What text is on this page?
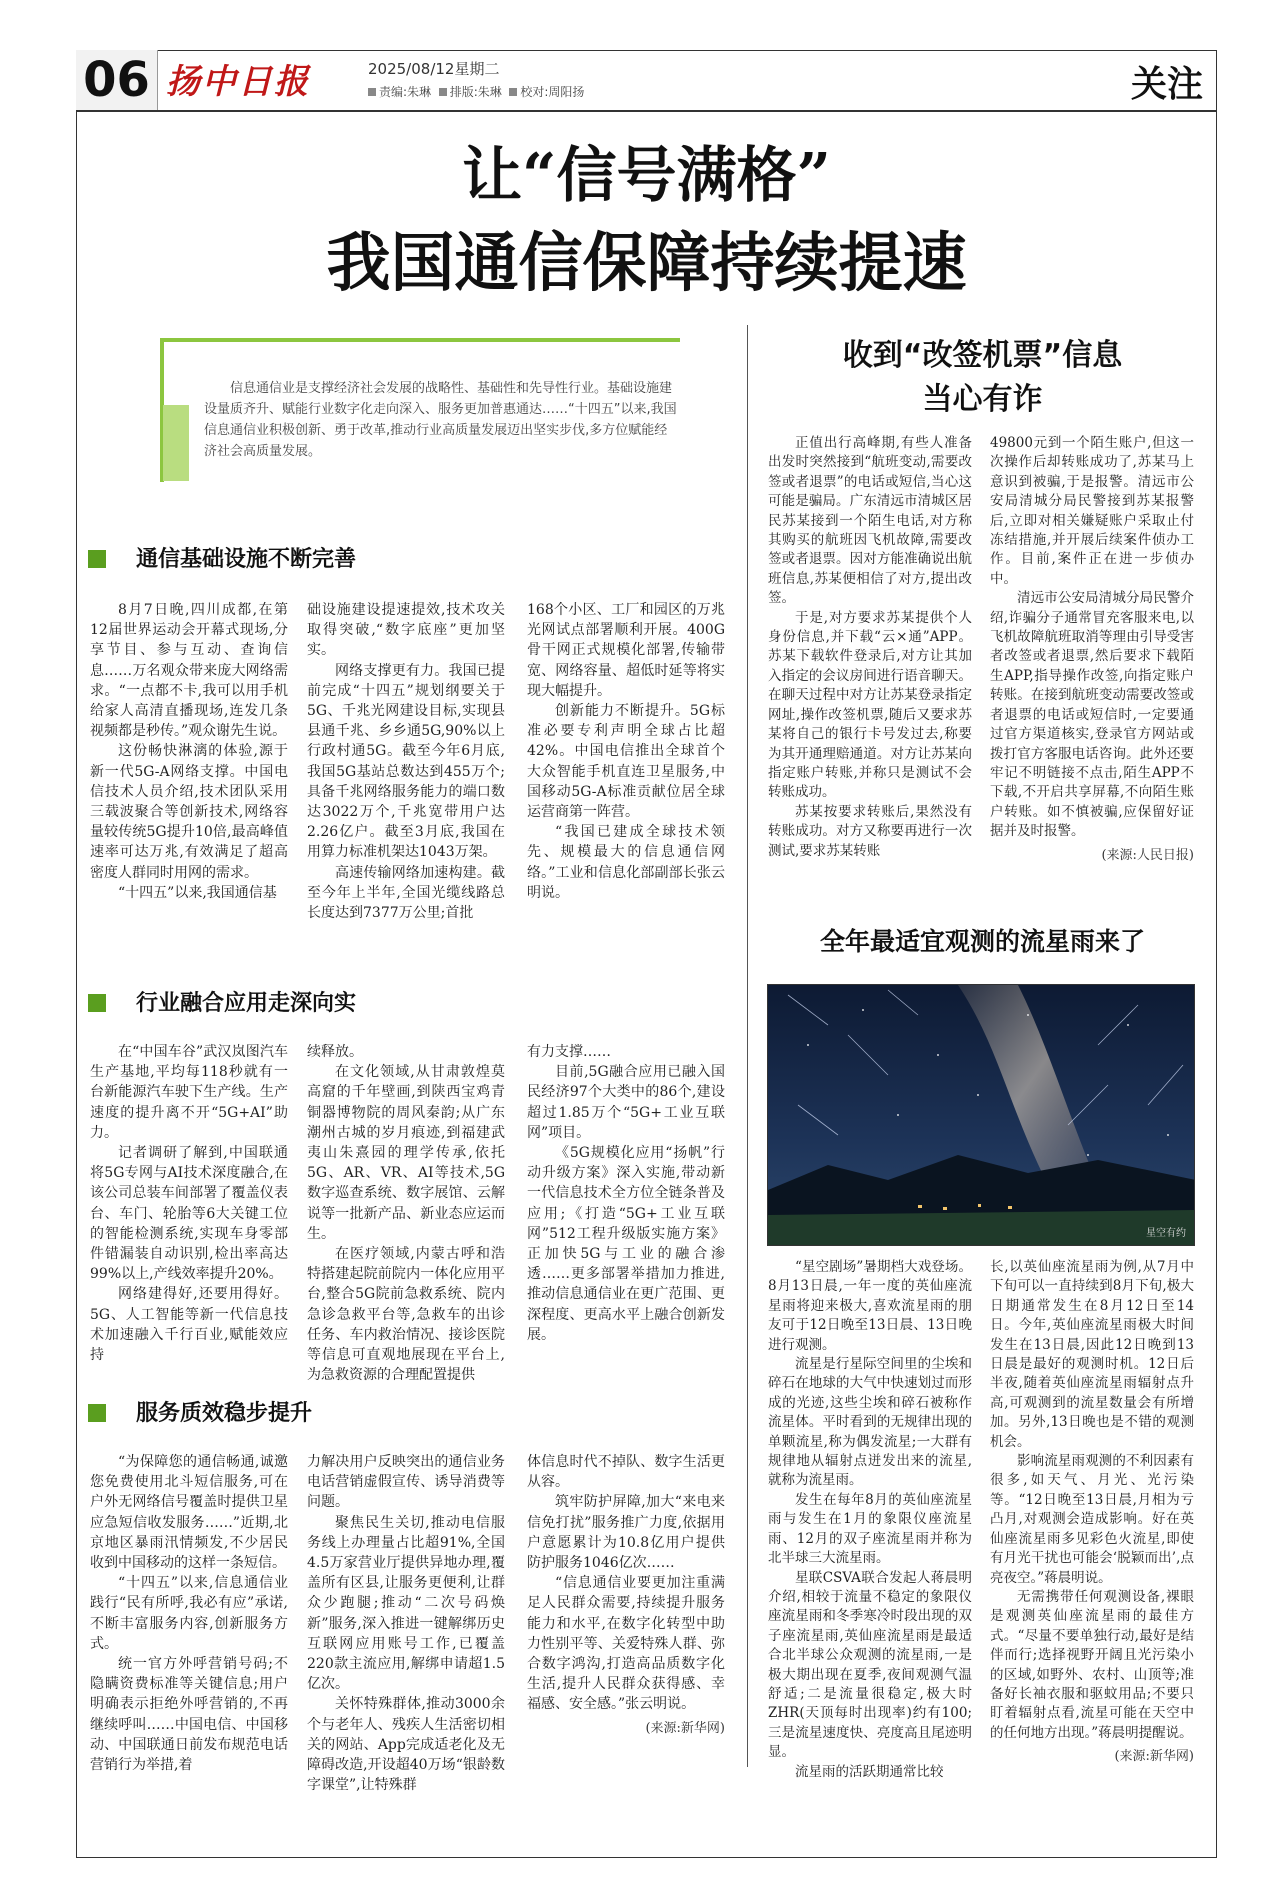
06 扬中日报	2025/08/12星期二
责编:朱琳 排版:朱琳 校对:周阳扬	关注
让“信号满格”
我国通信保障持续提速

信息通信业是支撑经济社会发展的战略性、基础性和先导性行业。基础设施建设量质齐升、赋能行业数字化走向深入、服务更加普惠通达……“十四五”以来,我国信息通信业积极创新、勇于改革,推动行业高质量发展迈出坚实步伐,多方位赋能经济社会高质量发展。

通信基础设施不断完善

8月7日晚,四川成都,在第12届世界运动会开幕式现场,分享节目、参与互动、查询信息……万名观众带来庞大网络需求。“一点都不卡,我可以用手机给家人高清直播现场,连发几条视频都是秒传。”观众谢先生说。

这份畅快淋漓的体验,源于新一代5G-A网络支撑。中国电信技术人员介绍,技术团队采用三载波聚合等创新技术,网络容量较传统5G提升10倍,最高峰值速率可达万兆,有效满足了超高密度人群同时用网的需求。

“十四五”以来,我国通信基

础设施建设提速提效,技术攻关取得突破,“数字底座”更加坚实。

网络支撑更有力。我国已提前完成“十四五”规划纲要关于5G、千兆光网建设目标,实现县县通千兆、乡乡通5G,90%以上行政村通5G。截至今年6月底,我国5G基站总数达到455万个;具备千兆网络服务能力的端口数达3022万个,千兆宽带用户达2.26亿户。截至3月底,我国在用算力标准机架达1043万架。

高速传输网络加速构建。截至今年上半年,全国光缆线路总长度达到7377万公里;首批

168个小区、工厂和园区的万兆光网试点部署顺利开展。400G骨干网正式规模化部署,传输带宽、网络容量、超低时延等将实现大幅提升。

创新能力不断提升。5G标准必要专利声明全球占比超42%。中国电信推出全球首个大众智能手机直连卫星服务,中国移动5G-A标准贡献位居全球运营商第一阵营。

“我国已建成全球技术领先、规模最大的信息通信网络。”工业和信息化部副部长张云明说。

行业融合应用走深向实

在“中国车谷”武汉岚图汽车生产基地,平均每118秒就有一台新能源汽车驶下生产线。生产速度的提升离不开“5G+AI”助力。

记者调研了解到,中国联通将5G专网与AI技术深度融合,在该公司总装车间部署了覆盖仪表台、车门、轮胎等6大关键工位的智能检测系统,实现车身零部件错漏装自动识别,检出率高达99%以上,产线效率提升20%。

网络建得好,还要用得好。5G、人工智能等新一代信息技术加速融入千行百业,赋能效应持

续释放。

在文化领域,从甘肃敦煌莫高窟的千年壁画,到陕西宝鸡青铜器博物院的周风秦韵;从广东潮州古城的岁月痕迹,到福建武夷山朱熹园的理学传承,依托5G、AR、VR、AI等技术,5G数字巡查系统、数字展馆、云解说等一批新产品、新业态应运而生。

在医疗领域,内蒙古呼和浩特搭建起院前院内一体化应用平台,整合5G院前急救系统、院内急诊急救平台等,急救车的出诊任务、车内救治情况、接诊医院等信息可直观地展现在平台上,为急救资源的合理配置提供

有力支撑……

目前,5G融合应用已融入国民经济97个大类中的86个,建设超过1.85万个“5G+工业互联网”项目。

《5G规模化应用“扬帆”行动升级方案》深入实施,带动新一代信息技术全方位全链条普及应用;《打造“5G+工业互联网”512工程升级版实施方案》正加快5G与工业的融合渗透……更多部署举措加力推进,推动信息通信业在更广范围、更深程度、更高水平上融合创新发展。

服务质效稳步提升

“为保障您的通信畅通,诚邀您免费使用北斗短信服务,可在户外无网络信号覆盖时提供卫星应急短信收发服务……”近期,北京地区暴雨汛情频发,不少居民收到中国移动的这样一条短信。

“十四五”以来,信息通信业践行“民有所呼,我必有应”承诺,不断丰富服务内容,创新服务方式。

统一官方外呼营销号码;不隐瞒资费标准等关键信息;用户明确表示拒绝外呼营销的,不再继续呼叫……中国电信、中国移动、中国联通日前发布规范电话营销行为举措,着

力解决用户反映突出的通信业务电话营销虚假宣传、诱导消费等问题。

聚焦民生关切,推动电信服务线上办理量占比超91%,全国4.5万家营业厅提供异地办理,覆盖所有区县,让服务更便利,让群众少跑腿;推动“二次号码焕新”服务,深入推进一键解绑历史互联网应用账号工作,已覆盖220款主流应用,解绑申请超1.5亿次。

关怀特殊群体,推动3000余个与老年人、残疾人生活密切相关的网站、App完成适老化及无障碍改造,开设超40万场“银龄数字课堂”,让特殊群

体信息时代不掉队、数字生活更从容。

筑牢防护屏障,加大“来电来信免打扰”服务推广力度,依据用户意愿累计为10.8亿用户提供防护服务1046亿次……

“信息通信业要更加注重满足人民群众需要,持续提升服务能力和水平,在数字化转型中助力性别平等、关爱特殊人群、弥合数字鸿沟,打造高品质数字化生活,提升人民群众获得感、幸福感、安全感。”张云明说。

(来源:新华网)
收到“改签机票”信息
当心有诈

正值出行高峰期,有些人准备出发时突然接到“航班变动,需要改签或者退票”的电话或短信,当心这可能是骗局。广东清远市清城区居民苏某接到一个陌生电话,对方称其购买的航班因飞机故障,需要改签或者退票。因对方能准确说出航班信息,苏某便相信了对方,提出改签。

于是,对方要求苏某提供个人身份信息,并下载“云×通”APP。苏某下载软件登录后,对方让其加入指定的会议房间进行语音聊天。在聊天过程中对方让苏某登录指定网址,操作改签机票,随后又要求苏某将自己的银行卡号发过去,称要为其开通理赔通道。对方让苏某向指定账户转账,并称只是测试不会转账成功。

苏某按要求转账后,果然没有转账成功。对方又称要再进行一次测试,要求苏某转账

49800元到一个陌生账户,但这一次操作后却转账成功了,苏某马上意识到被骗,于是报警。清远市公安局清城分局民警接到苏某报警后,立即对相关嫌疑账户采取止付冻结措施,并开展后续案件侦办工作。目前,案件正在进一步侦办中。

清远市公安局清城分局民警介绍,诈骗分子通常冒充客服来电,以飞机故障航班取消等理由引导受害者改签或者退票,然后要求下载陌生APP,指导操作改签,向指定账户转账。在接到航班变动需要改签或者退票的电话或短信时,一定要通过官方渠道核实,登录官方网站或拨打官方客服电话咨询。此外还要牢记不明链接不点击,陌生APP不下载,不开启共享屏幕,不向陌生账户转账。如不慎被骗,应保留好证据并及时报警。

(来源:人民日报)
全年最适宜观测的流星雨来了
星空有约

“星空剧场”暑期档大戏登场。8月13日晨,一年一度的英仙座流星雨将迎来极大,喜欢流星雨的朋友可于12日晚至13日晨、13日晚进行观测。

流星是行星际空间里的尘埃和碎石在地球的大气中快速划过而形成的光迹,这些尘埃和碎石被称作流星体。平时看到的无规律出现的单颗流星,称为偶发流星;一大群有规律地从辐射点迸发出来的流星,就称为流星雨。

发生在每年8月的英仙座流星雨与发生在1月的象限仪座流星雨、12月的双子座流星雨并称为北半球三大流星雨。

星联CSVA联合发起人蒋晨明介绍,相较于流量不稳定的象限仪座流星雨和冬季寒冷时段出现的双子座流星雨,英仙座流星雨是最适合北半球公众观测的流星雨,一是极大期出现在夏季,夜间观测气温舒适;二是流量很稳定,极大时ZHR(天顶每时出现率)约有100;三是流星速度快、亮度高且尾迹明显。

流星雨的活跃期通常比较

长,以英仙座流星雨为例,从7月中下旬可以一直持续到8月下旬,极大日期通常发生在8月12日至14日。今年,英仙座流星雨极大时间发生在13日晨,因此12日晚到13日晨是最好的观测时机。12日后半夜,随着英仙座流星雨辐射点升高,可观测到的流星数量会有所增加。另外,13日晚也是不错的观测机会。

影响流星雨观测的不利因素有很多,如天气、月光、光污染等。“12日晚至13日晨,月相为亏凸月,对观测会造成影响。好在英仙座流星雨多见彩色火流星,即使有月光干扰也可能会‘脱颖而出’,点亮夜空。”蒋晨明说。

无需携带任何观测设备,裸眼是观测英仙座流星雨的最佳方式。“尽量不要单独行动,最好是结伴而行;选择视野开阔且光污染小的区域,如野外、农村、山顶等;准备好长袖衣服和驱蚊用品;不要只盯着辐射点看,流星可能在天空中的任何地方出现。”蒋晨明提醒说。

(来源:新华网)
